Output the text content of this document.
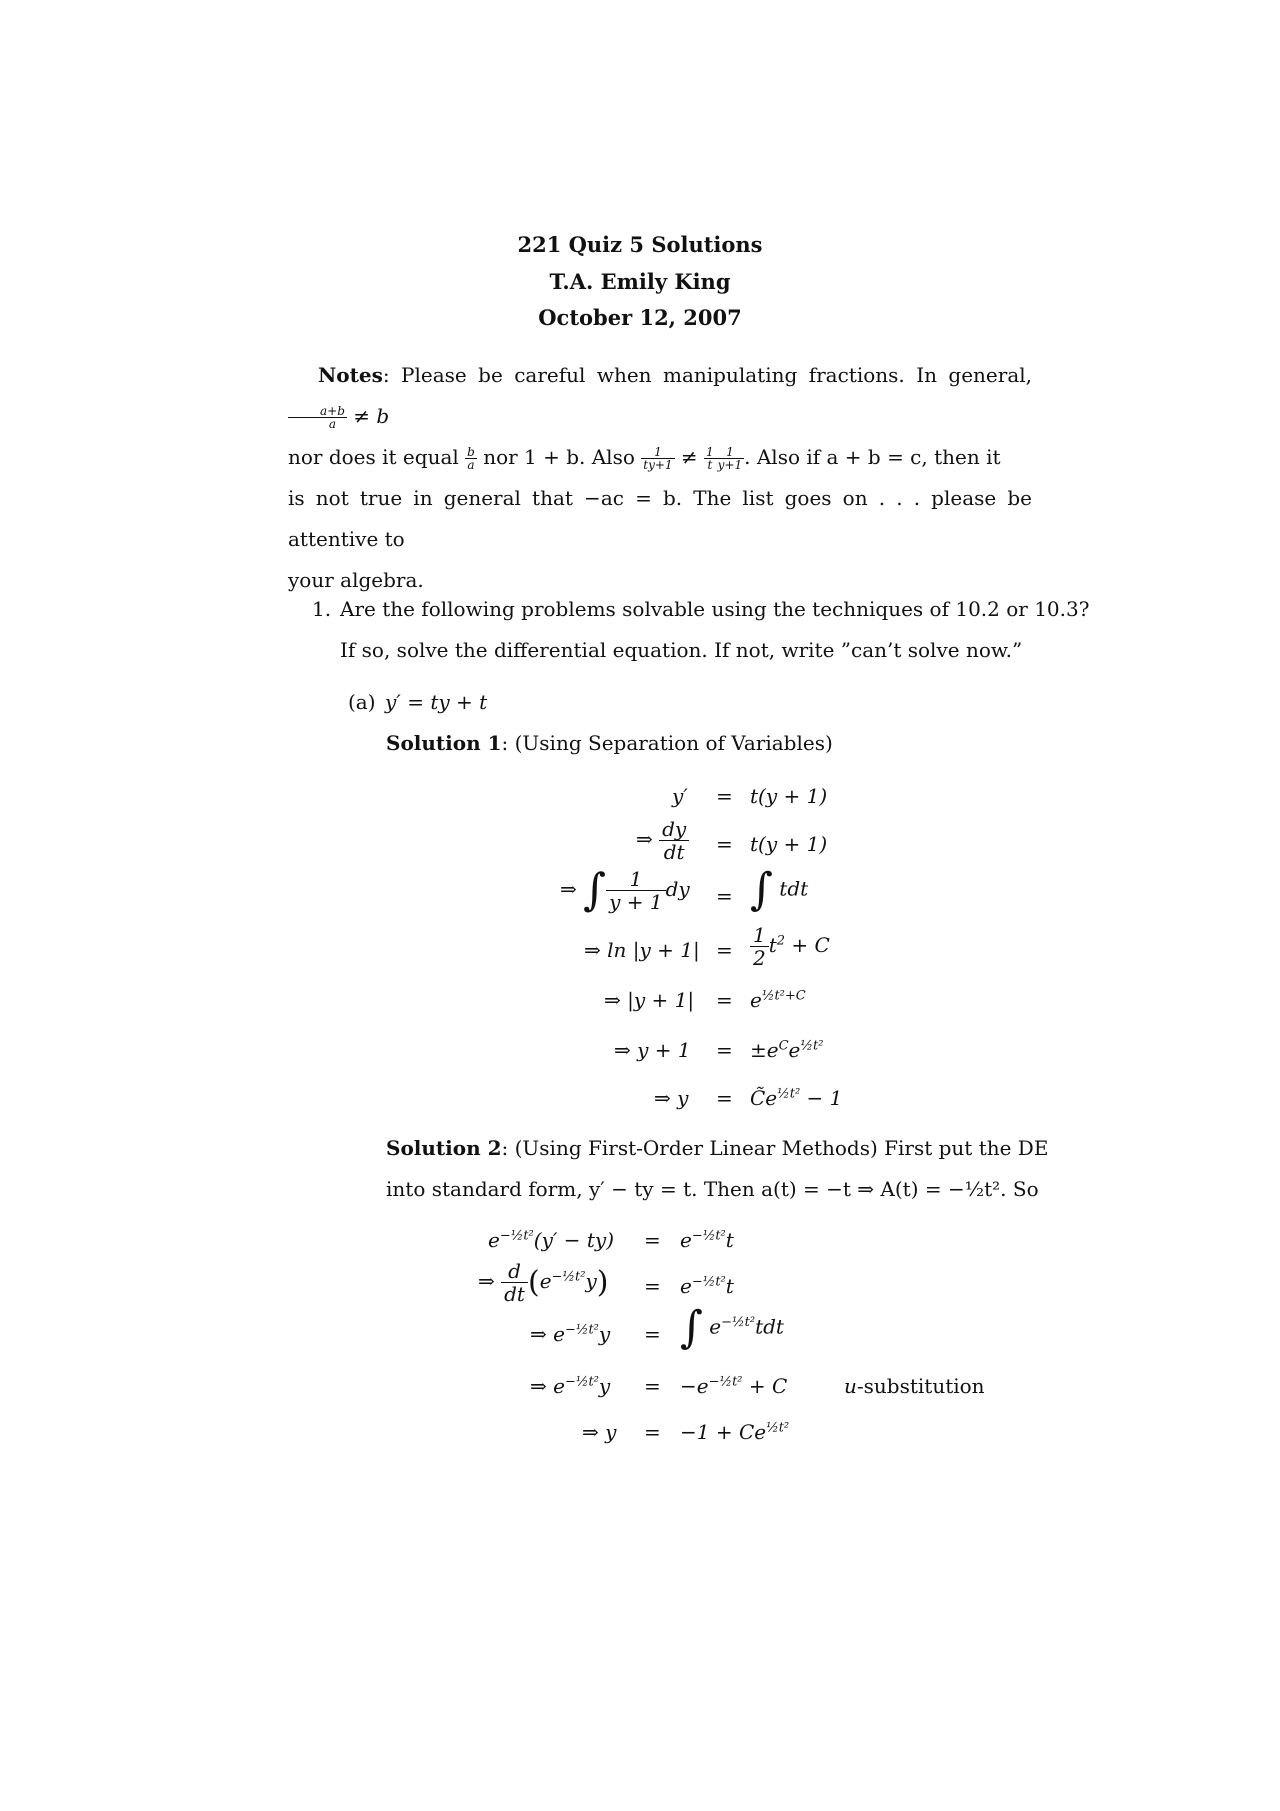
221 Quiz 5 Solutions
T.A. Emily King
October 12, 2007
Notes: Please be careful when manipulating fractions. In general,
$\frac{a+b}{a} \ne b$
nor does it equal $\frac{b}{a}$ nor 1 + b. Also $\frac{1}{ty+1} \ne \frac{1}{t} \frac{1}{y+1}$ . Also if a + b = c, then it
is not true in general that −ac = b. The list goes on . . . please be attentive to
your algebra.
1. Are the following problems solvable using the techniques of 10.2 or 10.3?
If so, solve the differential equation. If not, write ”can’t solve now.”
(a) y′ = ty + t
Solution 1: (Using Separation of Variables)
y′ = t(y + 1)
⇒ $\frac{dy}{dt} = t(y + 1)$
⇒ ∫ $\frac{1}{y + 1}$ dy = ∫ tdt
⇒ $\ln |y + 1| = \frac{1}{2} t^2 + C$
⇒ $|y + 1| = e^{\frac{1}{2}t^2+C}$
⇒ $y + 1 = \pm e^Ce^{\frac{1}{2}t^2}$
⇒ $y = C̃e^{\frac{1}{2}t^2} - 1$
Solution 2: (Using First-Order Linear Methods) First put the DE
into standard form, y′ − ty = t. Then a(t) = −t ⇒ A(t) = −½t². So
$e^{-\frac{1}{2}t^2}(y' - ty) = e^{-\frac{1}{2}t^2}t$
⇒ $\frac{d}{dt} (e^{-\frac{1}{2}t^2}y) = e^{-\frac{1}{2}t^2}t$
⇒ $e^{-\frac{1}{2}t^2}y$ = ∫ $e^{-\frac{1}{2}t^2}tdt$
⇒ $e^{-\frac{1}{2}t^2}y = -e^{-\frac{1}{2}t^2} + C$	u-substitution
⇒ $y = -1 + Ce^{\frac{1}{2}t^2}$
